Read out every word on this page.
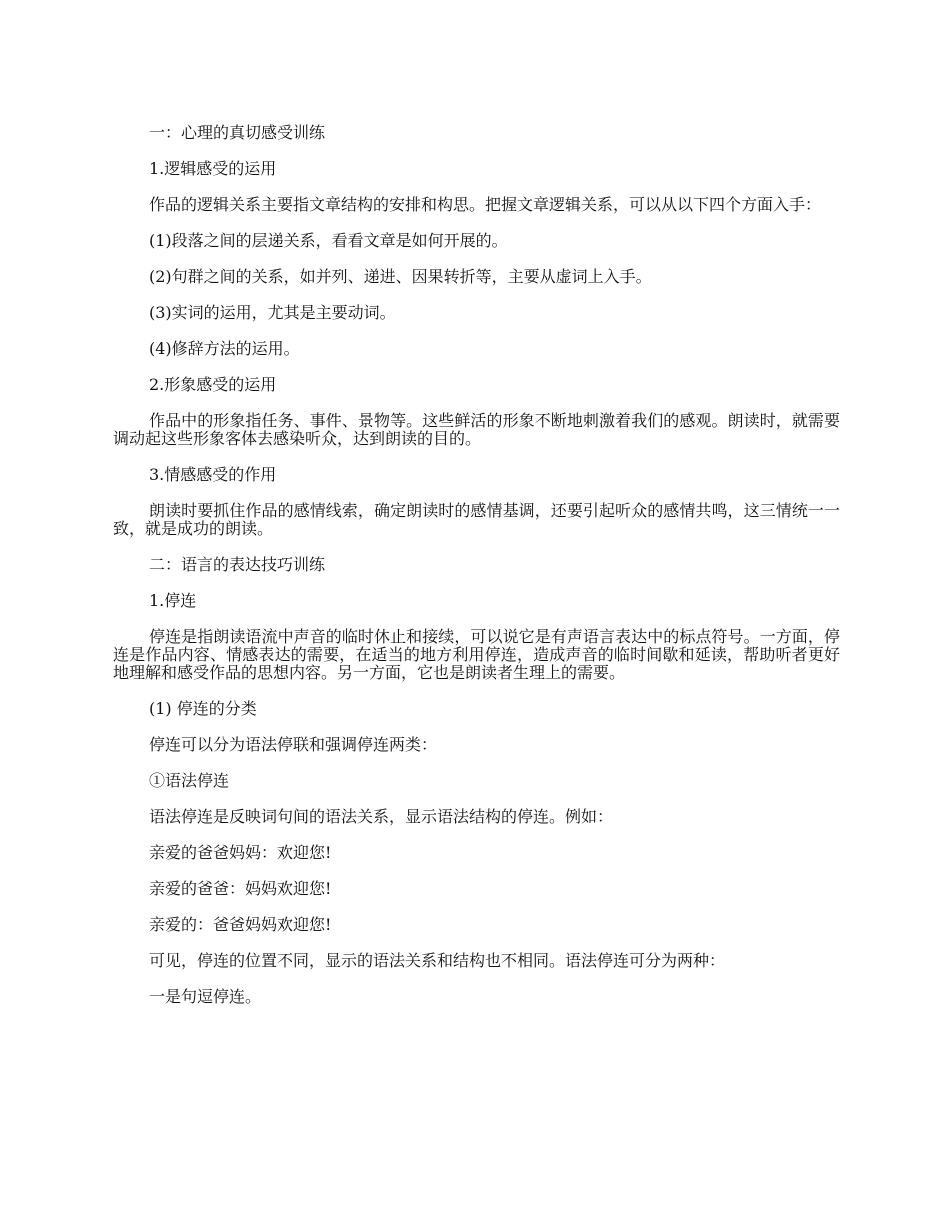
一：心理的真切感受训练

1.逻辑感受的运用

作品的逻辑关系主要指文章结构的安排和构思。把握文章逻辑关系，可以从以下四个方面入手：

(1)段落之间的层递关系，看看文章是如何开展的。

(2)句群之间的关系，如并列、递进、因果转折等，主要从虚词上入手。

(3)实词的运用，尤其是主要动词。

(4)修辞方法的运用。

2.形象感受的运用

作品中的形象指任务、事件、景物等。这些鲜活的形象不断地刺激着我们的感观。朗读时，就需要调动起这些形象客体去感染听众，达到朗读的目的。

3.情感感受的作用

朗读时要抓住作品的感情线索，确定朗读时的感情基调，还要引起听众的感情共鸣，这三情统一一致，就是成功的朗读。

二：语言的表达技巧训练

1.停连

停连是指朗读语流中声音的临时休止和接续，可以说它是有声语言表达中的标点符号。一方面，停连是作品内容、情感表达的需要，在适当的地方利用停连，造成声音的临时间歇和延读，帮助听者更好地理解和感受作品的思想内容。另一方面，它也是朗读者生理上的需要。

(1) 停连的分类

停连可以分为语法停联和强调停连两类：

①语法停连

语法停连是反映词句间的语法关系，显示语法结构的停连。例如：

亲爱的爸爸妈妈：欢迎您!

亲爱的爸爸：妈妈欢迎您!

亲爱的：爸爸妈妈欢迎您!

可见，停连的位置不同，显示的语法关系和结构也不相同。语法停连可分为两种：

一是句逗停连。
